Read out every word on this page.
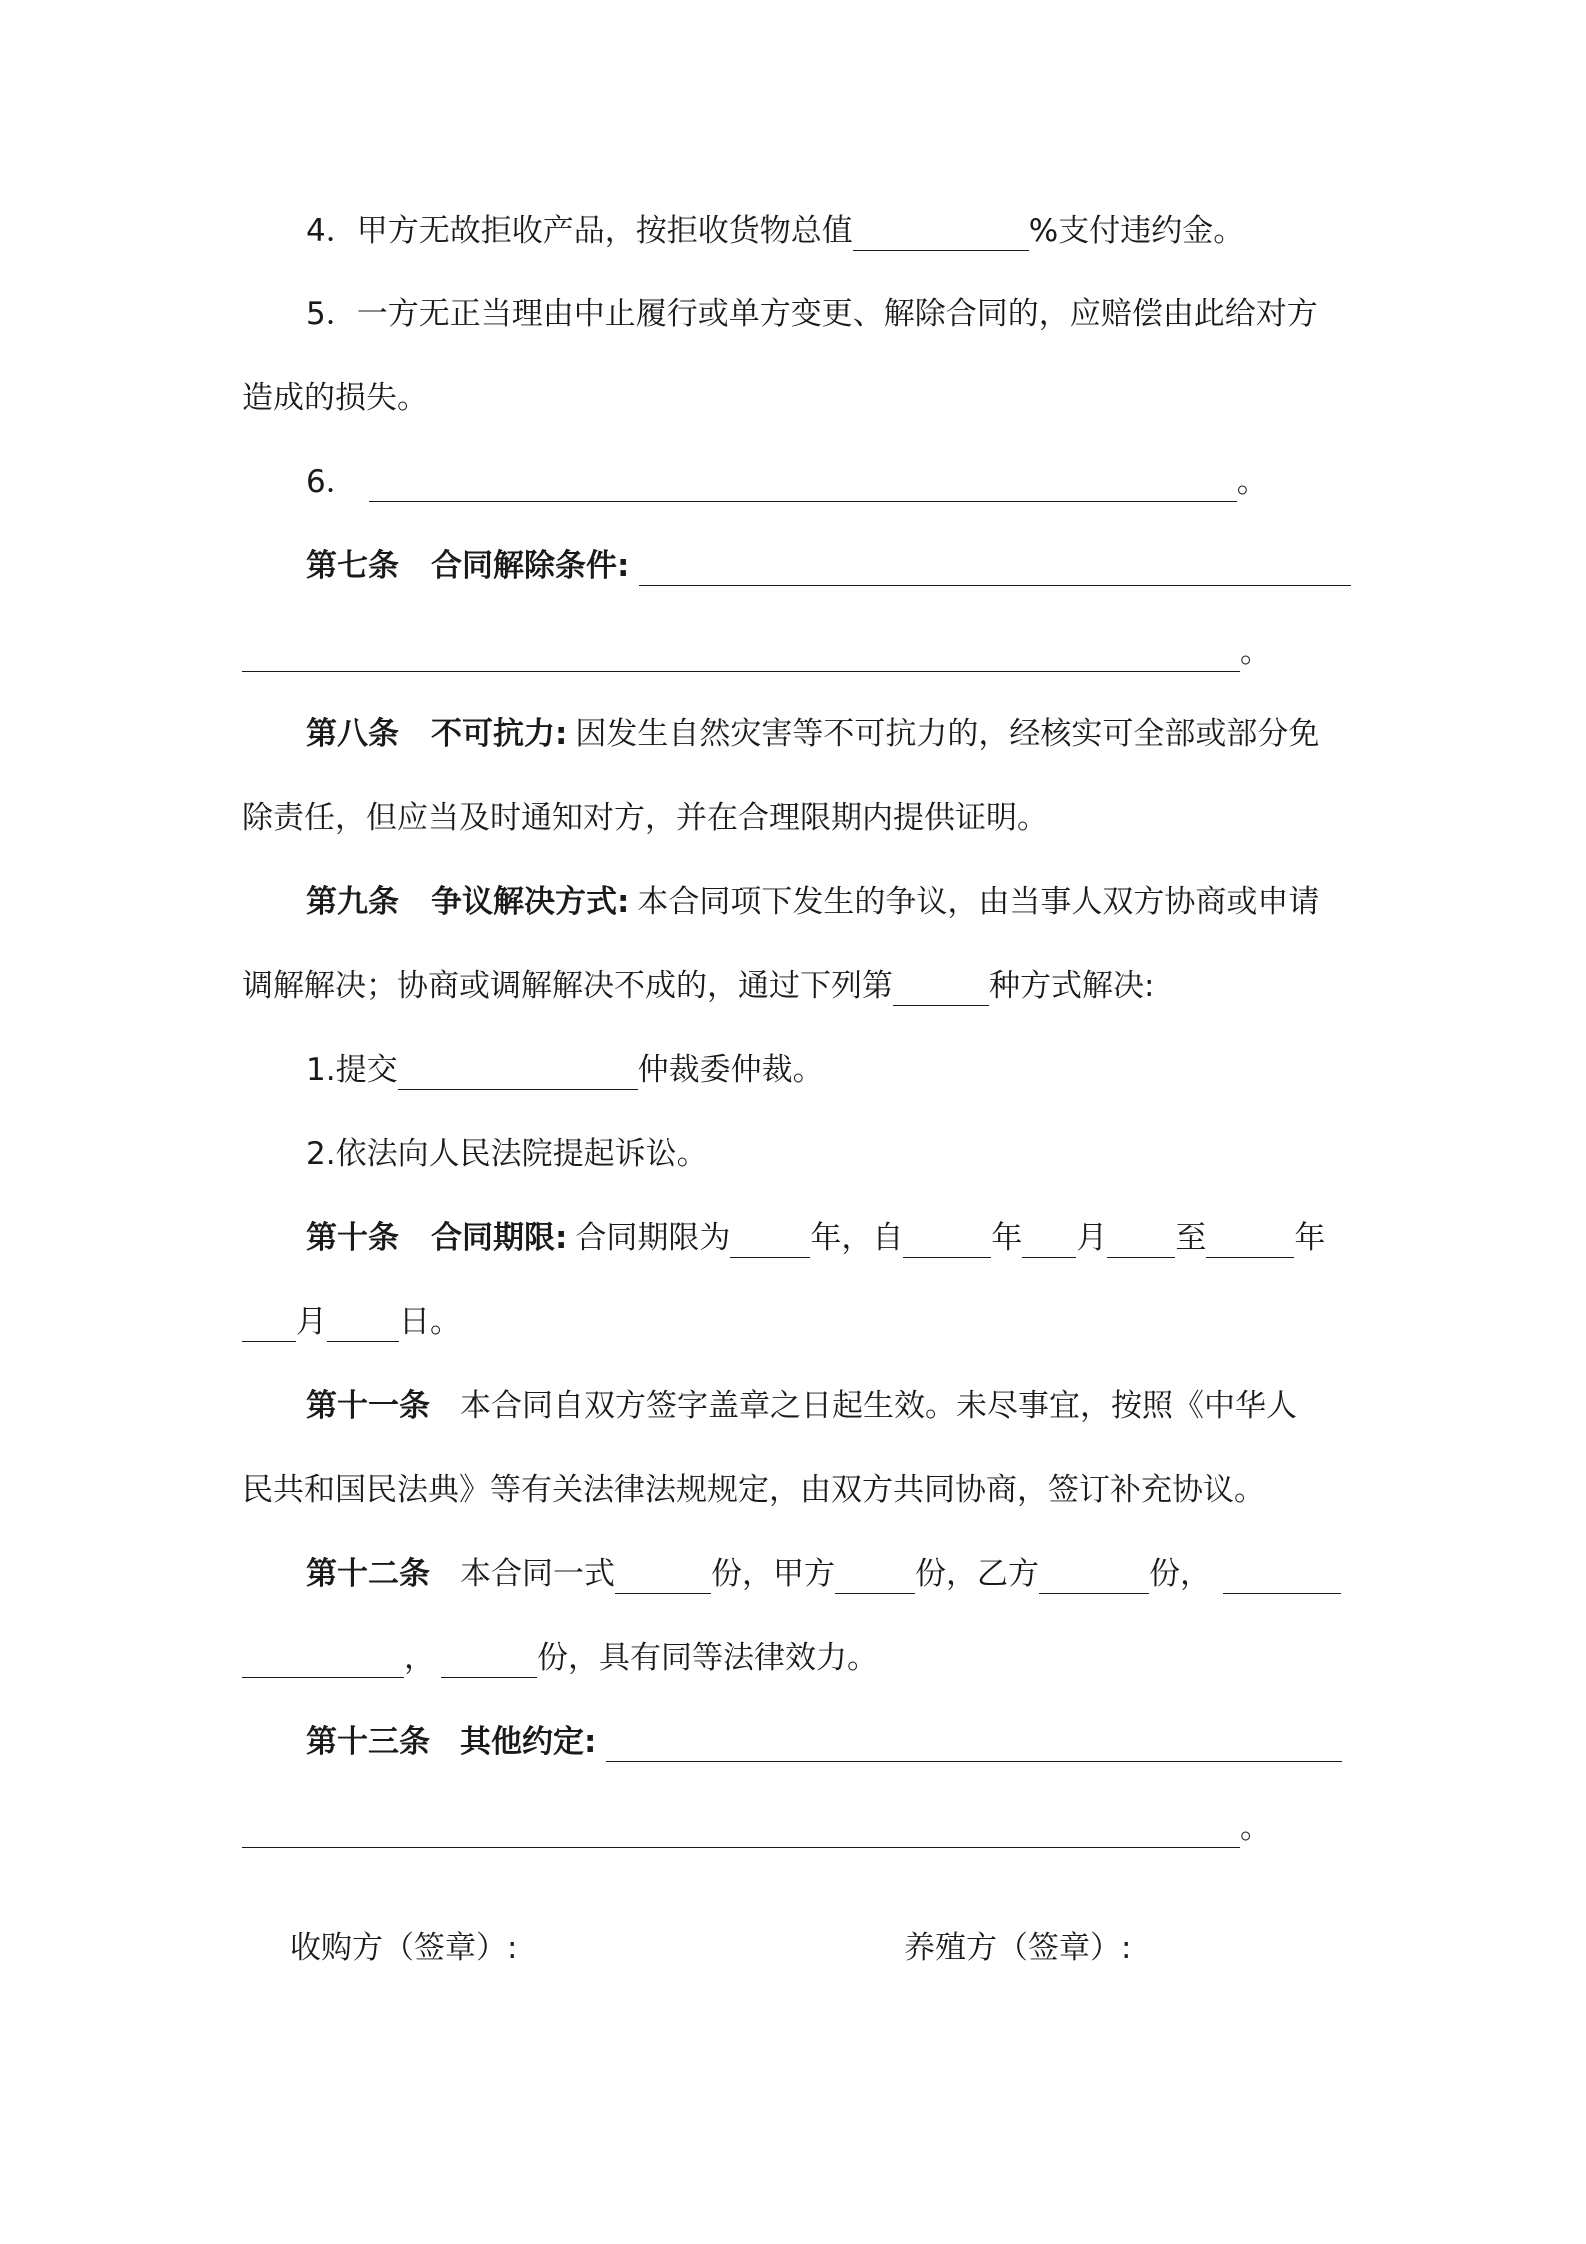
4．甲方无故拒收产品，按拒收货物总值	%支付违约金。
5．一方无正当理由中止履行或单方变更、解除合同的，应赔偿由此给对方
造成的损失。
6．	。
第七条 合同解除条件:
。
第八条 不可抗力: 因发生自然灾害等不可抗力的，经核实可全部或部分免
除责任，但应当及时通知对方，并在合理限期内提供证明。
第九条 争议解决方式: 本合同项下发生的争议，由当事人双方协商或申请
调解解决；协商或调解解决不成的，通过下列第	种方式解决:
1.提交	仲裁委仲裁。
2.依法向人民法院提起诉讼。
第十条 合同期限: 合同期限为	年，自	年 月 至	年
月 日。
第十一条 本合同自双方签字盖章之日起生效。未尽事宜，按照《中华人
民共和国民法典》等有关法律法规规定，由双方共同协商，签订补充协议。
第十二条 本合同一式	份，甲方	份，乙方	份，
，	份，具有同等法律效力。
第十三条 其他约定:
。
收购方（签章）:	养殖方（签章）:
